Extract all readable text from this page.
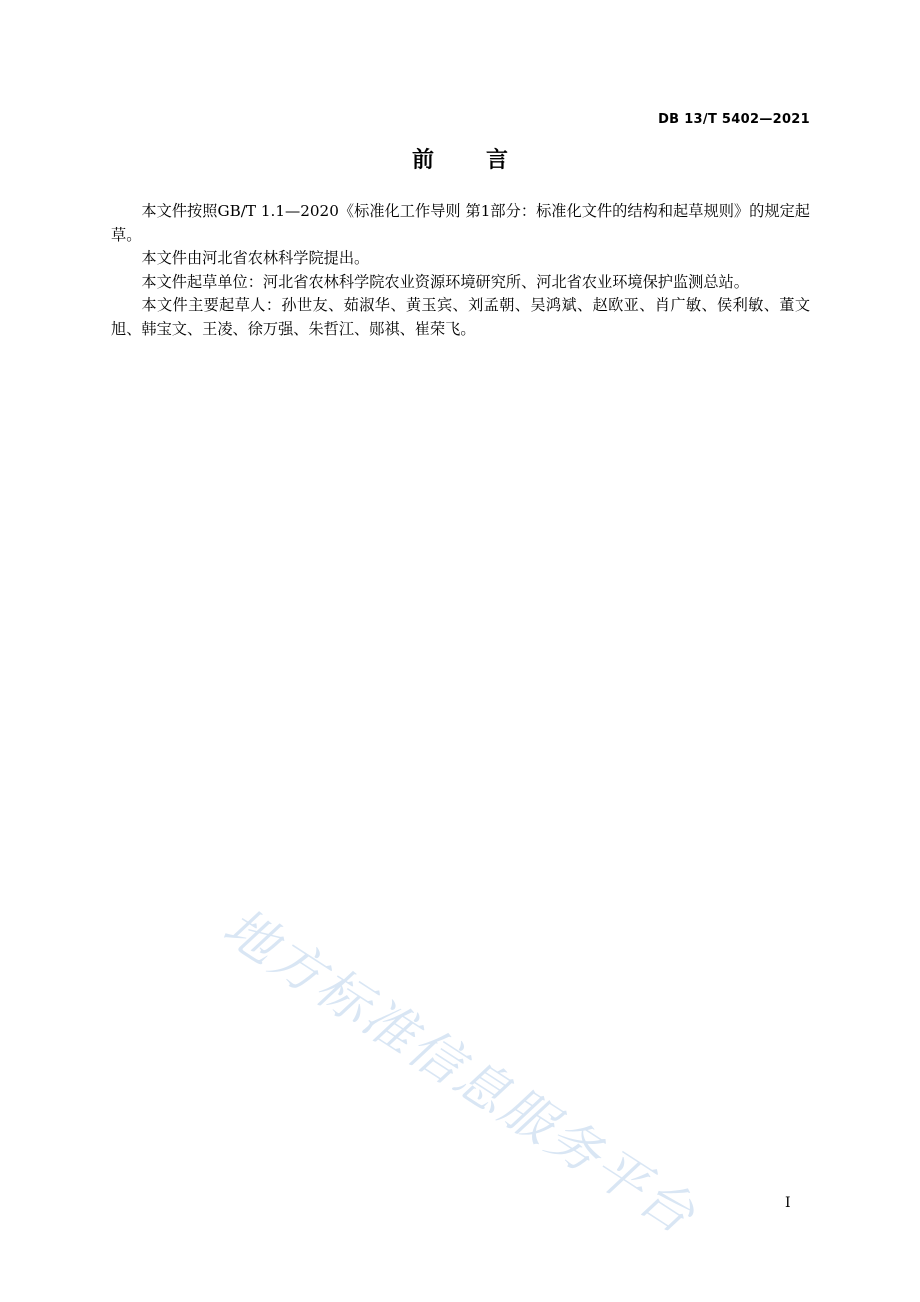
DB 13/T 5402—2021
前 言

本文件按照GB/T 1.1—2020《标准化工作导则 第1部分：标准化文件的结构和起草规则》的规定起草。

本文件由河北省农林科学院提出。

本文件起草单位：河北省农林科学院农业资源环境研究所、河北省农业环境保护监测总站。

本文件主要起草人：孙世友、茹淑华、黄玉宾、刘孟朝、吴鸿斌、赵欧亚、肖广敏、侯利敏、董文旭、韩宝文、王凌、徐万强、朱哲江、郧祺、崔荣飞。

地方标准信息服务平台	I
